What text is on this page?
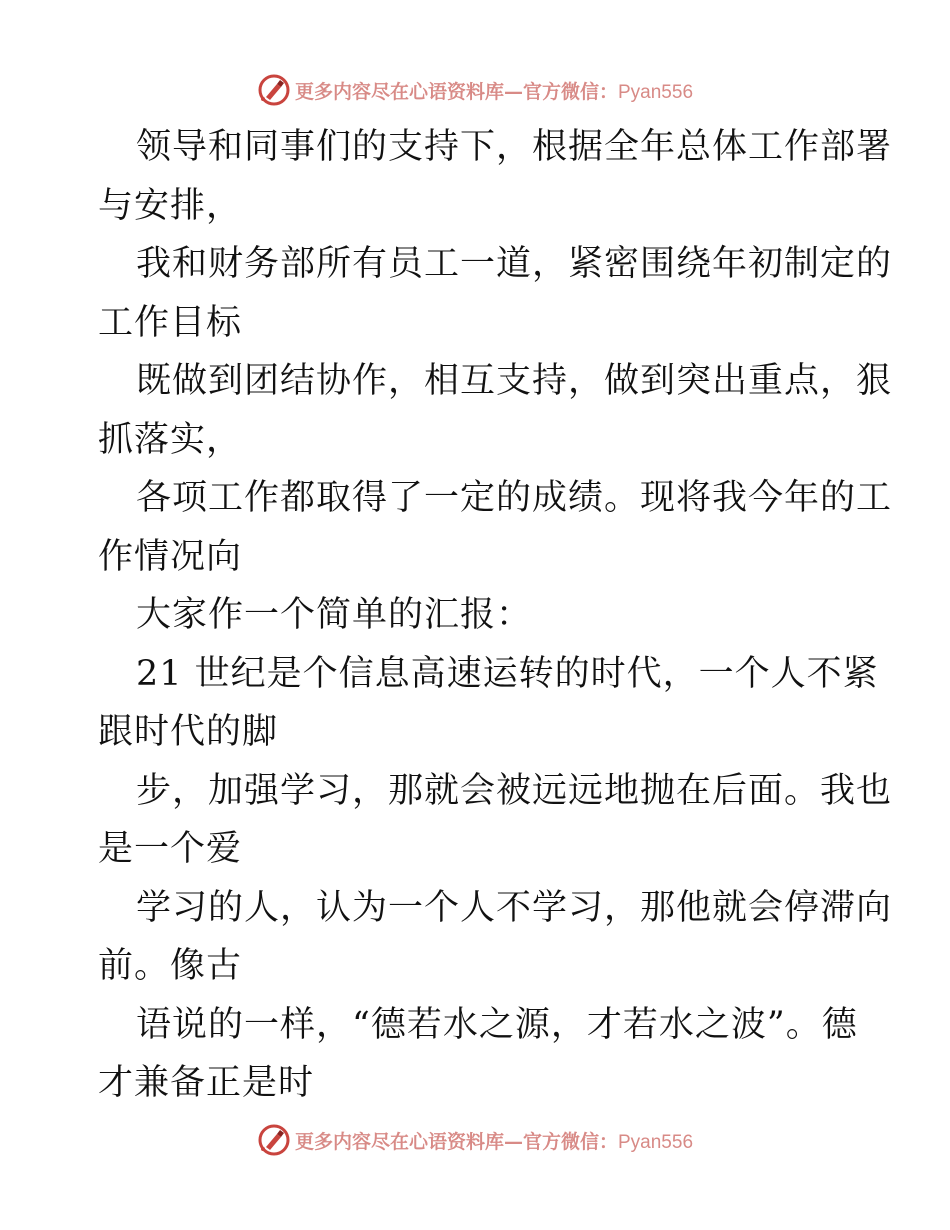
更多内容尽在心语资料库—官方微信：Pyan556
领导和同事们的支持下，根据全年总体工作部署
与安排，
我和财务部所有员工一道，紧密围绕年初制定的
工作目标
既做到团结协作，相互支持，做到突出重点，狠
抓落实，
各项工作都取得了一定的成绩。现将我今年的工
作情况向
大家作一个简单的汇报：
21 世纪是个信息高速运转的时代，一个人不紧
跟时代的脚
步，加强学习，那就会被远远地抛在后面。我也
是一个爱
学习的人，认为一个人不学习，那他就会停滞向
前。像古
语说的一样，“德若水之源，才若水之波”。德
才兼备正是时
更多内容尽在心语资料库—官方微信：Pyan556
